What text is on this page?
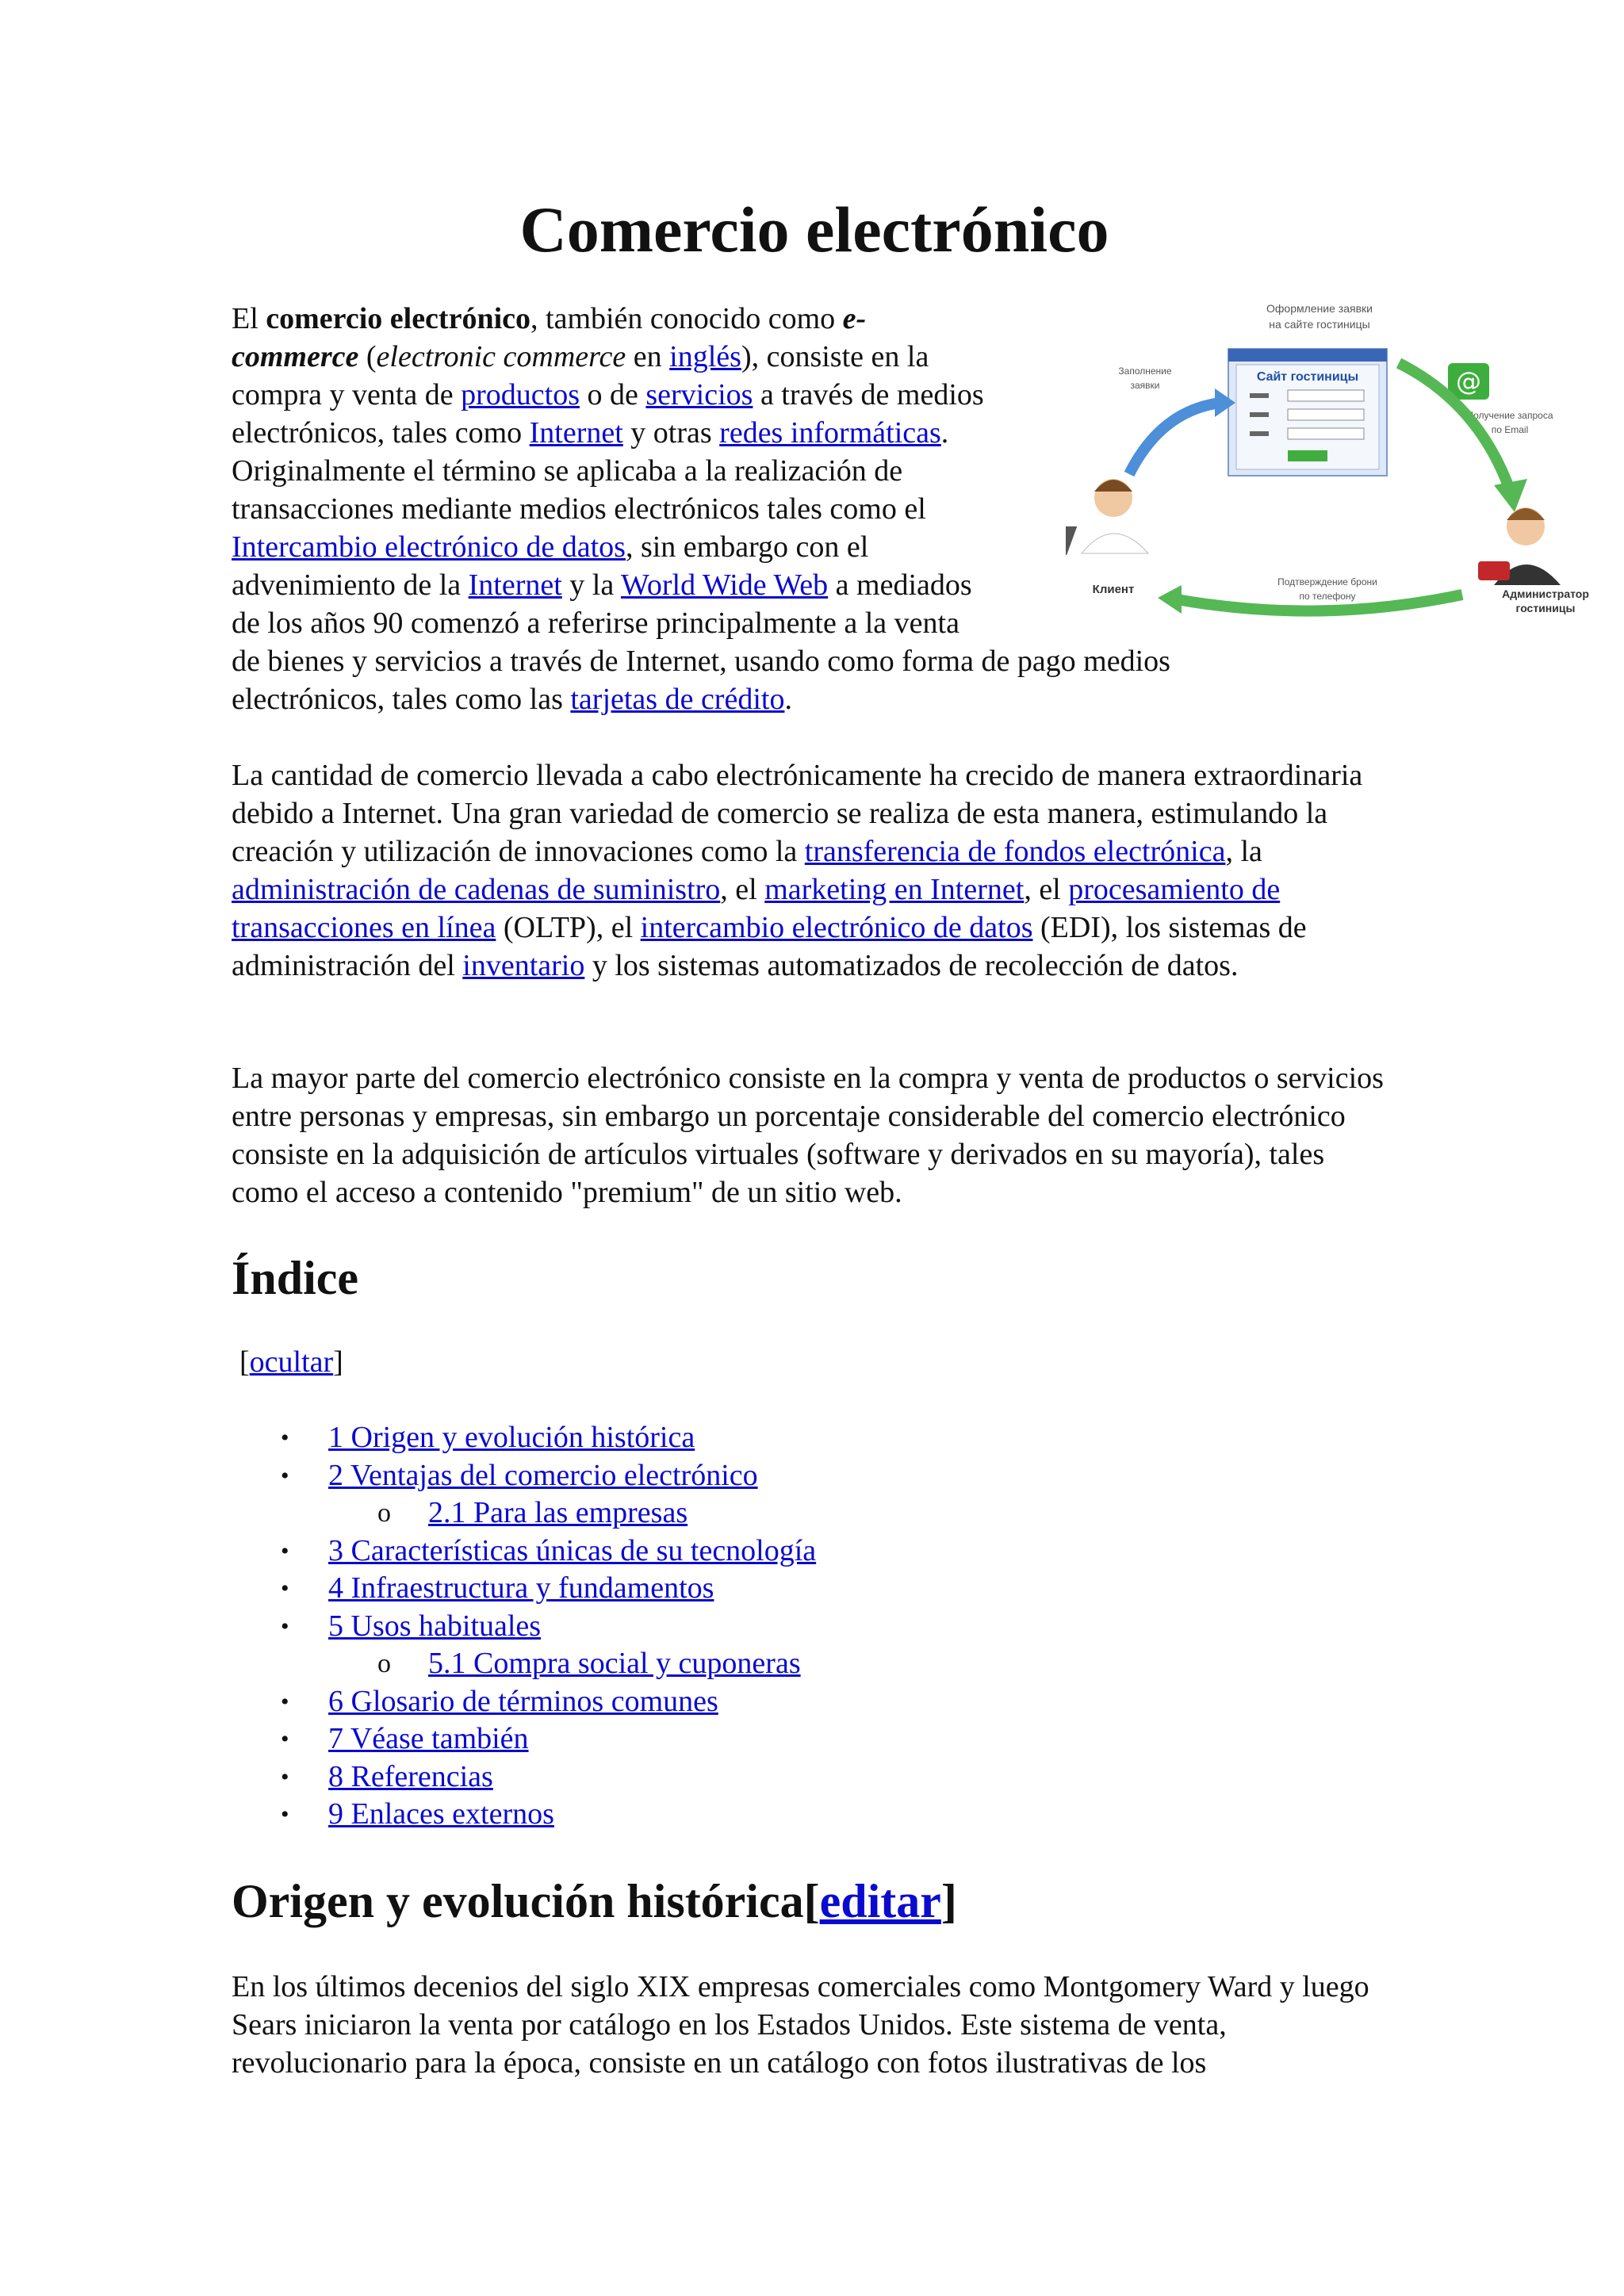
Comercio electrónico
Оформление заявки
на сайте гостиницы
Сайт гостиницы
Заполнение
заявки	@
Получение запроса
по Email
Клиент	Администратор
гостиницы
Подтверждение брони
по телефону
El comercio electrónico, también conocido como e-
commerce (electronic commerce en inglés), consiste en la
compra y venta de productos o de servicios a través de medios
electrónicos, tales como Internet y otras redes informáticas.
Originalmente el término se aplicaba a la realización de
transacciones mediante medios electrónicos tales como el
Intercambio electrónico de datos, sin embargo con el
advenimiento de la Internet y la World Wide Web a mediados
de los años 90 comenzó a referirse principalmente a la venta
de bienes y servicios a través de Internet, usando como forma de pago medios
electrónicos, tales como las tarjetas de crédito.

La cantidad de comercio llevada a cabo electrónicamente ha crecido de manera extraordinaria debido a Internet. Una gran variedad de comercio se realiza de esta manera, estimulando la creación y utilización de innovaciones como la transferencia de fondos electrónica, la administración de cadenas de suministro, el marketing en Internet, el procesamiento de transacciones en línea (OLTP), el intercambio electrónico de datos (EDI), los sistemas de administración del inventario y los sistemas automatizados de recolección de datos.

La mayor parte del comercio electrónico consiste en la compra y venta de productos o servicios entre personas y empresas, sin embargo un porcentaje considerable del comercio electrónico consiste en la adquisición de artículos virtuales (software y derivados en su mayoría), tales como el acceso a contenido "premium" de un sitio web.

Índice
[ocultar]
• 1 Origen y evolución histórica
• 2 Ventajas del comercio electrónico
o 2.1 Para las empresas
• 3 Características únicas de su tecnología
• 4 Infraestructura y fundamentos
• 5 Usos habituales
o 5.1 Compra social y cuponeras
• 6 Glosario de términos comunes
• 7 Véase también
• 8 Referencias
• 9 Enlaces externos
Origen y evolución histórica[editar]

En los últimos decenios del siglo XIX empresas comerciales como Montgomery Ward y luego Sears iniciaron la venta por catálogo en los Estados Unidos. Este sistema de venta, revolucionario para la época, consiste en un catálogo con fotos ilustrativas de los
